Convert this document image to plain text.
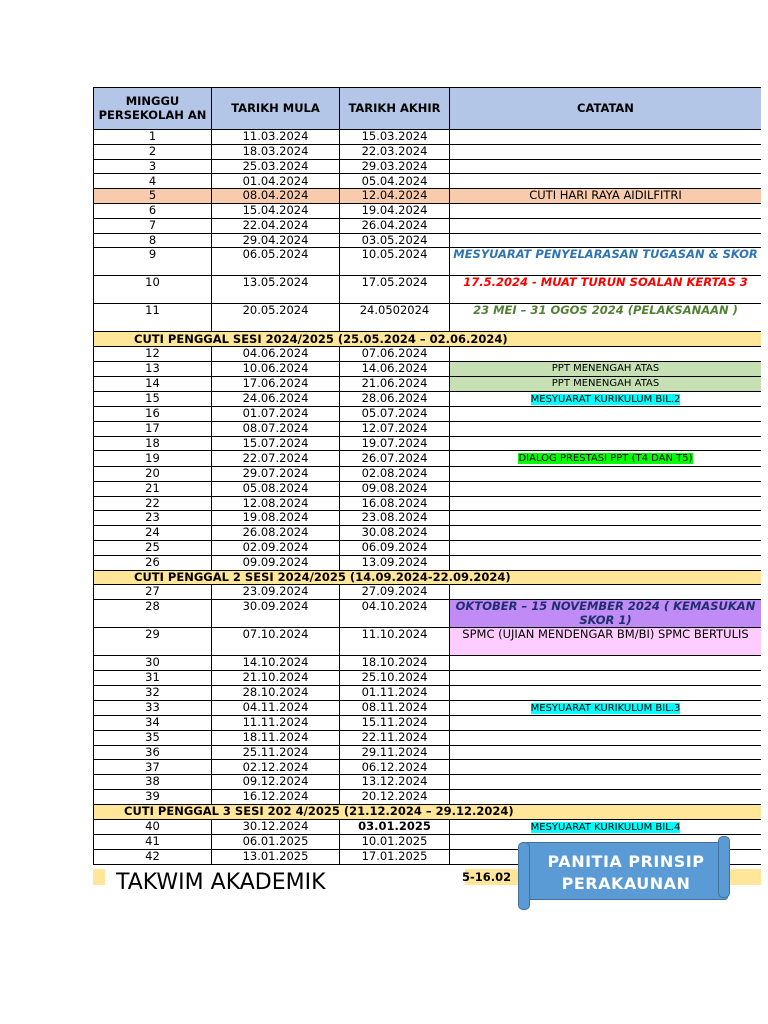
MINGGU PERSEKOLAH AN	TARIKH MULA	TARIKH AKHIR	CATATAN
1	11.03.2024	15.03.2024	
2	18.03.2024	22.03.2024	
3	25.03.2024	29.03.2024	
4	01.04.2024	05.04.2024	
5	08.04.2024	12.04.2024	CUTI HARI RAYA AIDILFITRI
6	15.04.2024	19.04.2024	
7	22.04.2024	26.04.2024	
8	29.04.2024	03.05.2024	
9	06.05.2024	10.05.2024	MESYUARAT PENYELARASAN TUGASAN & SKOR
10	13.05.2024	17.05.2024	17.5.2024 - MUAT TURUN SOALAN KERTAS 3
11	20.05.2024	24.0502024	23 MEI – 31 OGOS 2024 (PELAKSANAAN )
CUTI PENGGAL SESI 2024/2025 (25.05.2024 – 02.06.2024)			
12	04.06.2024	07.06.2024	
13	10.06.2024	14.06.2024	PPT MENENGAH ATAS
14	17.06.2024	21.06.2024	PPT MENENGAH ATAS
15	24.06.2024	28.06.2024	MESYUARAT KURIKULUM BIL.2
16	01.07.2024	05.07.2024	
17	08.07.2024	12.07.2024	
18	15.07.2024	19.07.2024	
19	22.07.2024	26.07.2024	DIALOG PRESTASI PPT (T4 DAN T5)
20	29.07.2024	02.08.2024	
21	05.08.2024	09.08.2024	
22	12.08.2024	16.08.2024	
23	19.08.2024	23.08.2024	
24	26.08.2024	30.08.2024	
25	02.09.2024	06.09.2024	
26	09.09.2024	13.09.2024	
CUTI PENGGAL 2 SESI 2024/2025 (14.09.2024-22.09.2024)			
27	23.09.2024	27.09.2024	
28	30.09.2024	04.10.2024	OKTOBER – 15 NOVEMBER 2024 ( KEMASUKAN SKOR 1)
29	07.10.2024	11.10.2024	SPMC (UJIAN MENDENGAR BM/BI) SPMC BERTULIS
30	14.10.2024	18.10.2024	
31	21.10.2024	25.10.2024	
32	28.10.2024	01.11.2024	
33	04.11.2024	08.11.2024	MESYUARAT KURIKULUM BIL.3
34	11.11.2024	15.11.2024	
35	18.11.2024	22.11.2024	
36	25.11.2024	29.11.2024	
37	02.12.2024	06.12.2024	
38	09.12.2024	13.12.2024	
39	16.12.2024	20.12.2024	
CUTI PENGGAL 3 SESI 202 4/2025 (21.12.2024 – 29.12.2024)			
40	30.12.2024	03.01.2025	MESYUARAT KURIKULUM BIL.4
41	06.01.2025	10.01.2025	
42	13.01.2025	17.01.2025	
5-16.02
TAKWIM AKADEMIK
PANITIA PRINSIP
PERAKAUNAN
